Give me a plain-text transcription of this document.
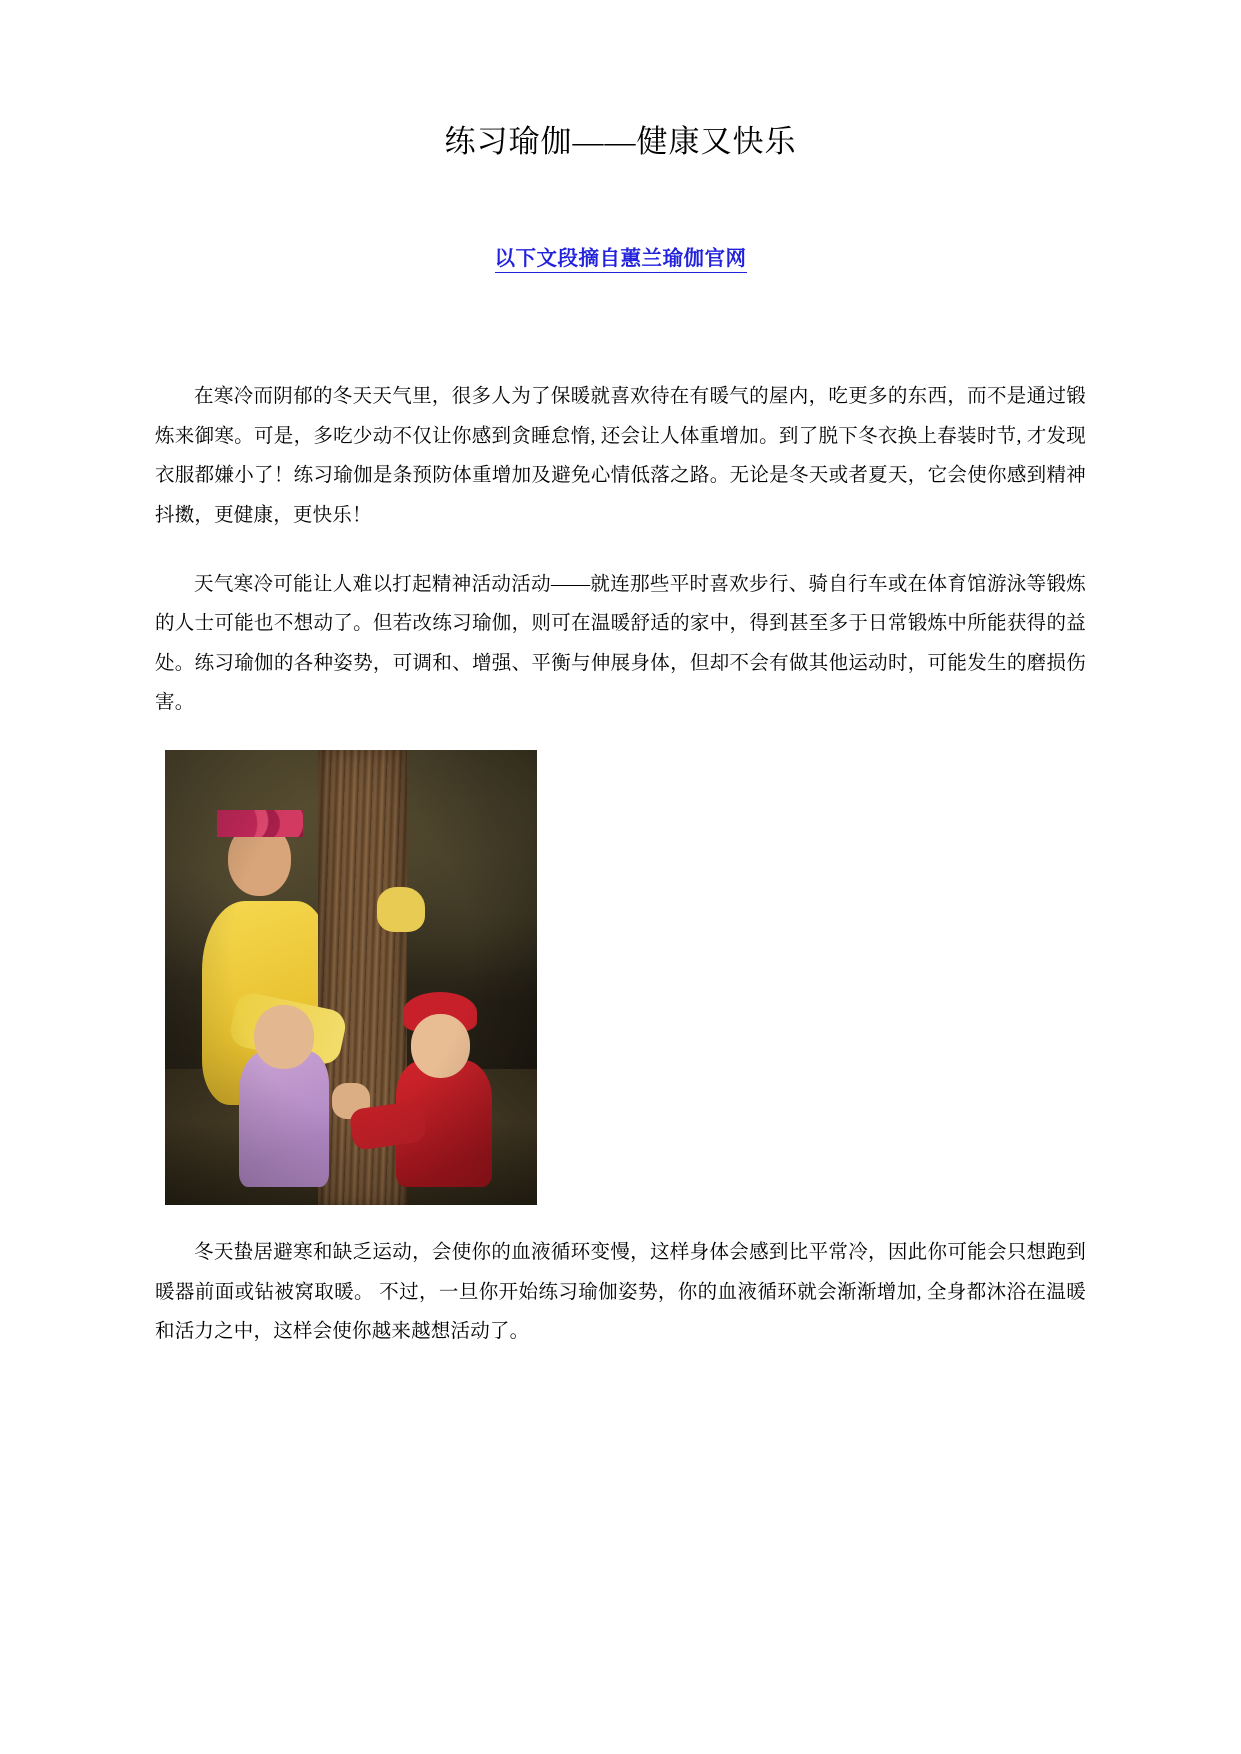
练习瑜伽——健康又快乐
以下文段摘自蕙兰瑜伽官网

在寒冷而阴郁的冬天天气里，很多人为了保暖就喜欢待在有暖气的屋内，吃更多的东西，而不是通过锻炼来御寒。可是，多吃少动不仅让你感到贪睡怠惰, 还会让人体重增加。到了脱下冬衣换上春装时节, 才发现衣服都嫌小了！练习瑜伽是条预防体重增加及避免心情低落之路。无论是冬天或者夏天，它会使你感到精神 抖擞，更健康，更快乐！

天气寒冷可能让人难以打起精神活动活动——就连那些平时喜欢步行、骑自行车或在体育馆游泳等锻炼的人士可能也不想动了。但若改练习瑜伽，则可在温暖舒适的家中，得到甚至多于日常锻炼中所能获得的益处。练习瑜伽的各种姿势，可调和、增强、平衡与伸展身体，但却不会有做其他运动时，可能发生的磨损伤害。

冬天蛰居避寒和缺乏运动，会使你的血液循环变慢，这样身体会感到比平常冷，因此你可能会只想跑到暖器前面或钻被窝取暖。 不过，一旦你开始练习瑜伽姿势，你的血液循环就会渐渐增加, 全身都沐浴在温暖和活力之中，这样会使你越来越想活动了。
